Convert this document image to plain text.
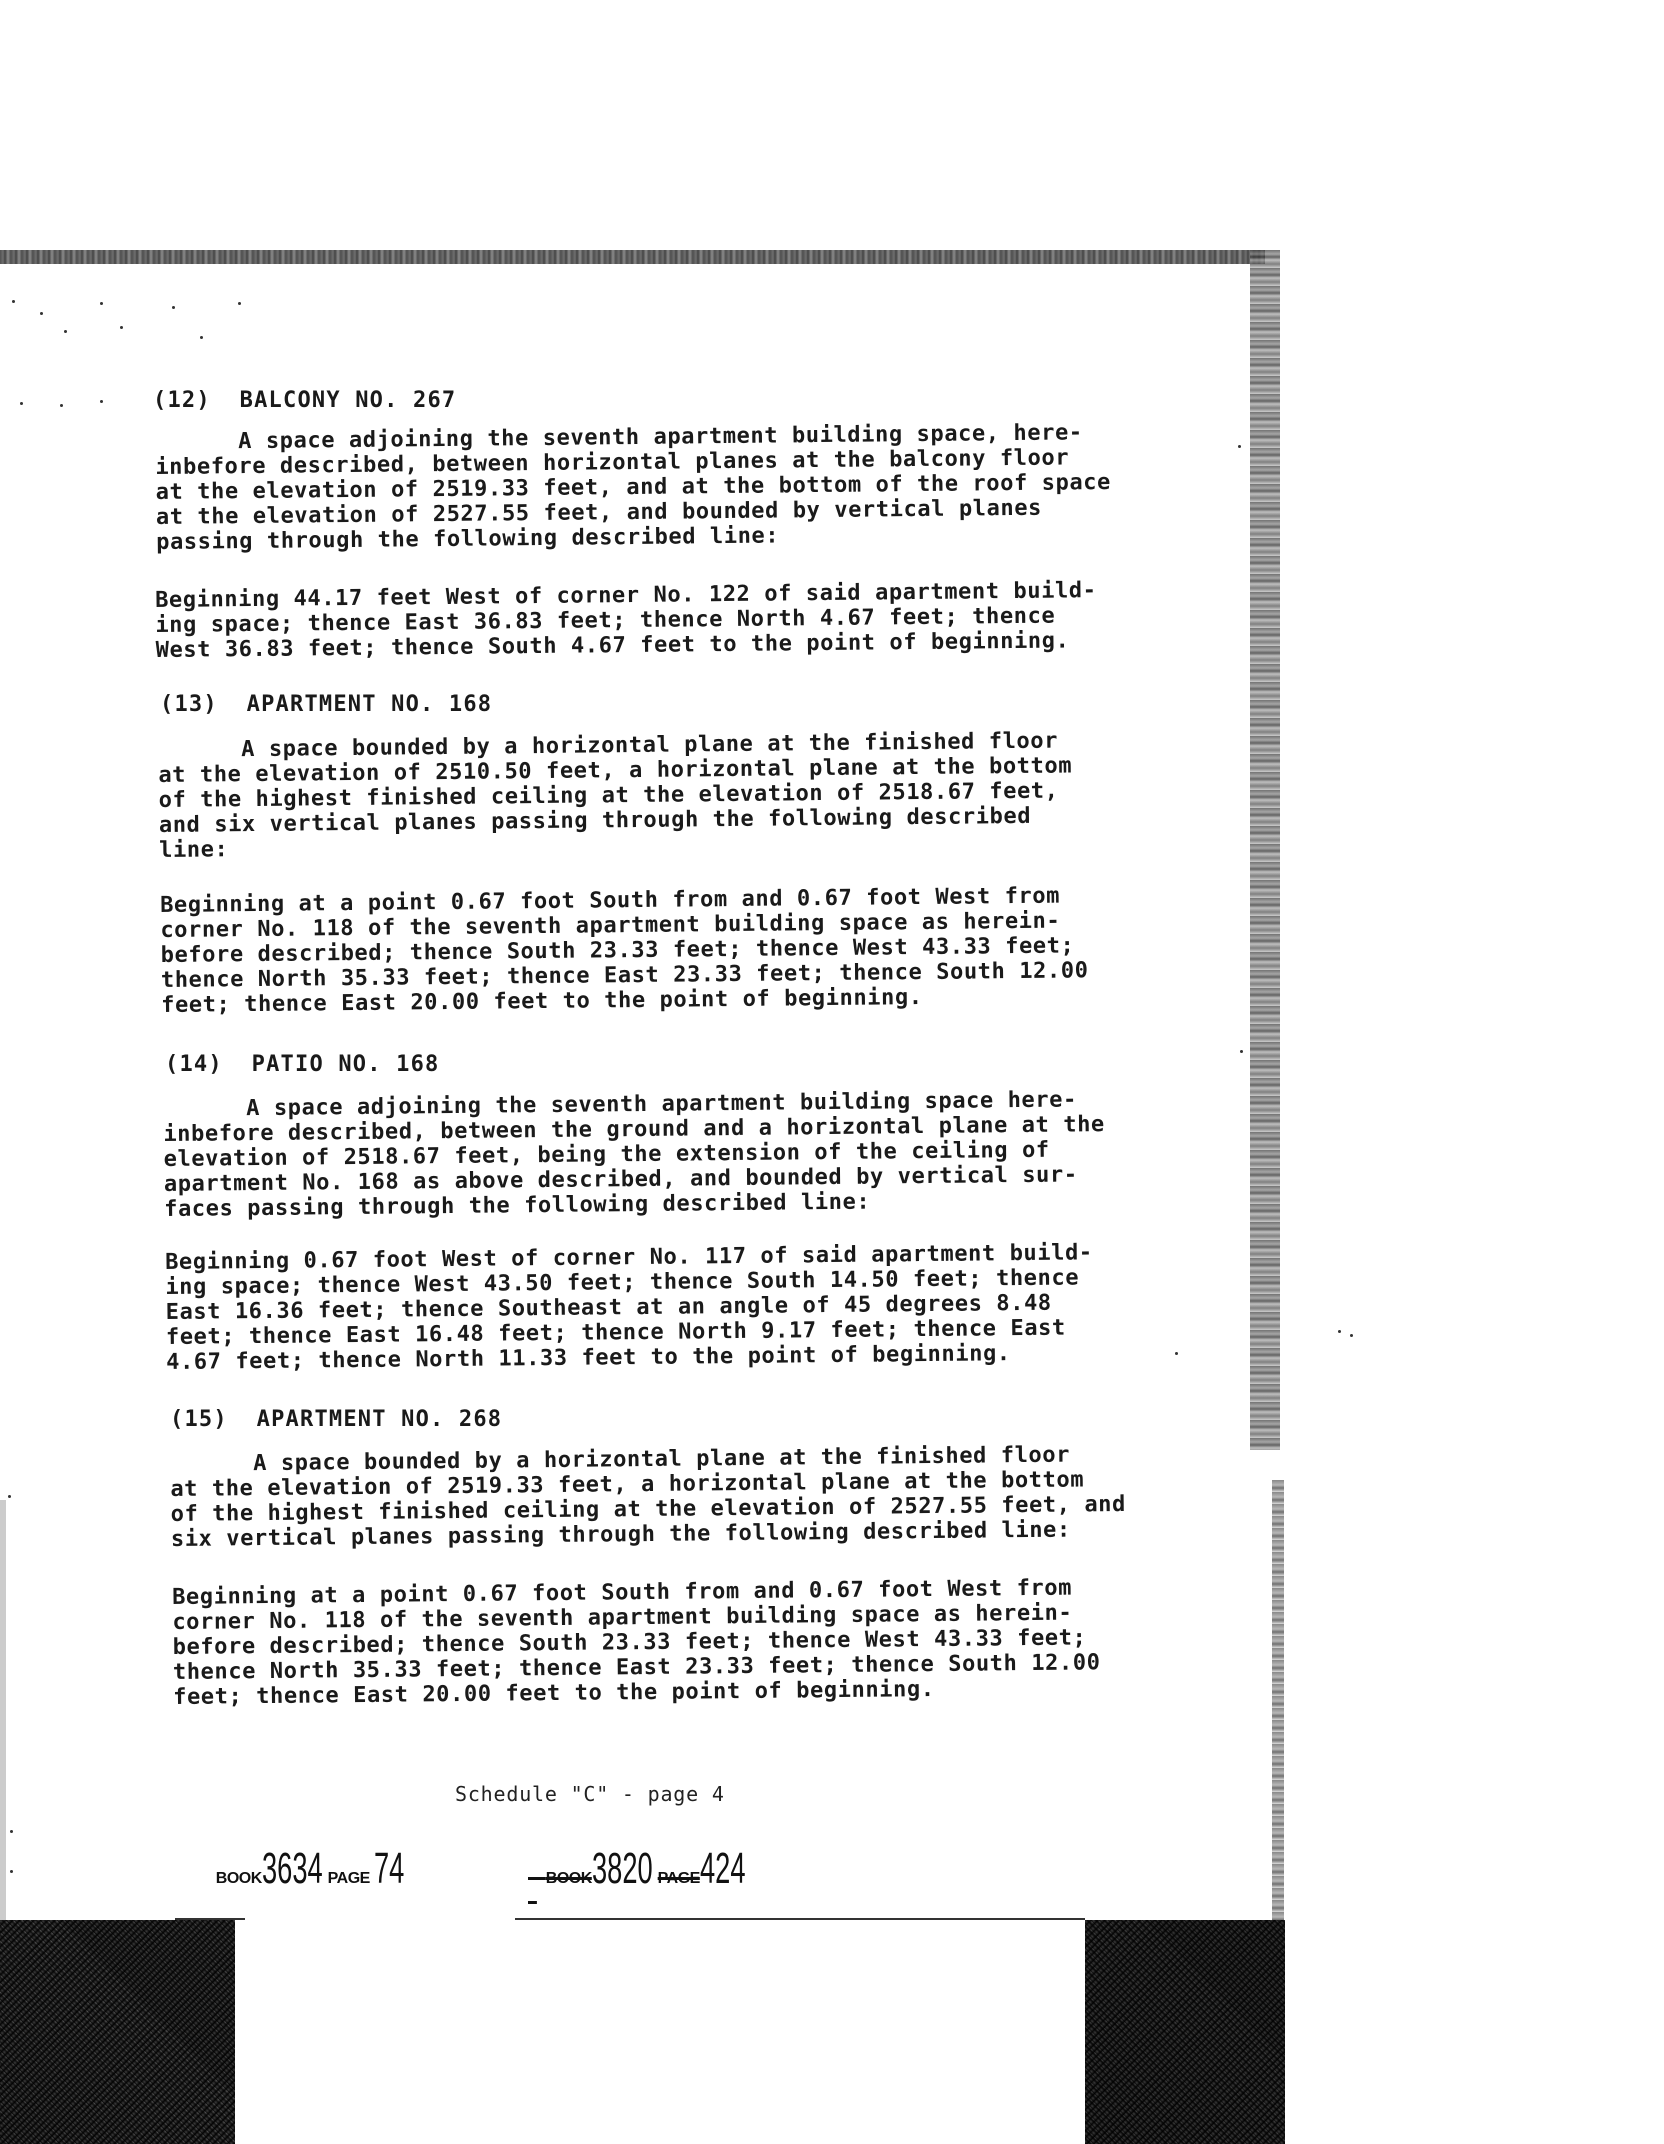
(12) BALCONY NO. 267
A space adjoining the seventh apartment building space, here-
inbefore described, between horizontal planes at the balcony floor
at the elevation of 2519.33 feet, and at the bottom of the roof space
at the elevation of 2527.55 feet, and bounded by vertical planes
passing through the following described line:
Beginning 44.17 feet West of corner No. 122 of said apartment build-
ing space; thence East 36.83 feet; thence North 4.67 feet; thence
West 36.83 feet; thence South 4.67 feet to the point of beginning.
(13) APARTMENT NO. 168
A space bounded by a horizontal plane at the finished floor
at the elevation of 2510.50 feet, a horizontal plane at the bottom
of the highest finished ceiling at the elevation of 2518.67 feet,
and six vertical planes passing through the following described
line:
Beginning at a point 0.67 foot South from and 0.67 foot West from
corner No. 118 of the seventh apartment building space as herein-
before described; thence South 23.33 feet; thence West 43.33 feet;
thence North 35.33 feet; thence East 23.33 feet; thence South 12.00
feet; thence East 20.00 feet to the point of beginning.
(14) PATIO NO. 168
A space adjoining the seventh apartment building space here-
inbefore described, between the ground and a horizontal plane at the
elevation of 2518.67 feet, being the extension of the ceiling of
apartment No. 168 as above described, and bounded by vertical sur-
faces passing through the following described line:
Beginning 0.67 foot West of corner No. 117 of said apartment build-
ing space; thence West 43.50 feet; thence South 14.50 feet; thence
East 16.36 feet; thence Southeast at an angle of 45 degrees 8.48
feet; thence East 16.48 feet; thence North 9.17 feet; thence East
4.67 feet; thence North 11.33 feet to the point of beginning.
(15) APARTMENT NO. 268
A space bounded by a horizontal plane at the finished floor
at the elevation of 2519.33 feet, a horizontal plane at the bottom
of the highest finished ceiling at the elevation of 2527.55 feet, and
six vertical planes passing through the following described line:
Beginning at a point 0.67 foot South from and 0.67 foot West from
corner No. 118 of the seventh apartment building space as herein-
before described; thence South 23.33 feet; thence West 43.33 feet;
thence North 35.33 feet; thence East 23.33 feet; thence South 12.00
feet; thence East 20.00 feet to the point of beginning.
Schedule "C" - page 4

BOOK3634 PAGE 74
	BOOK3820 PAGE424
